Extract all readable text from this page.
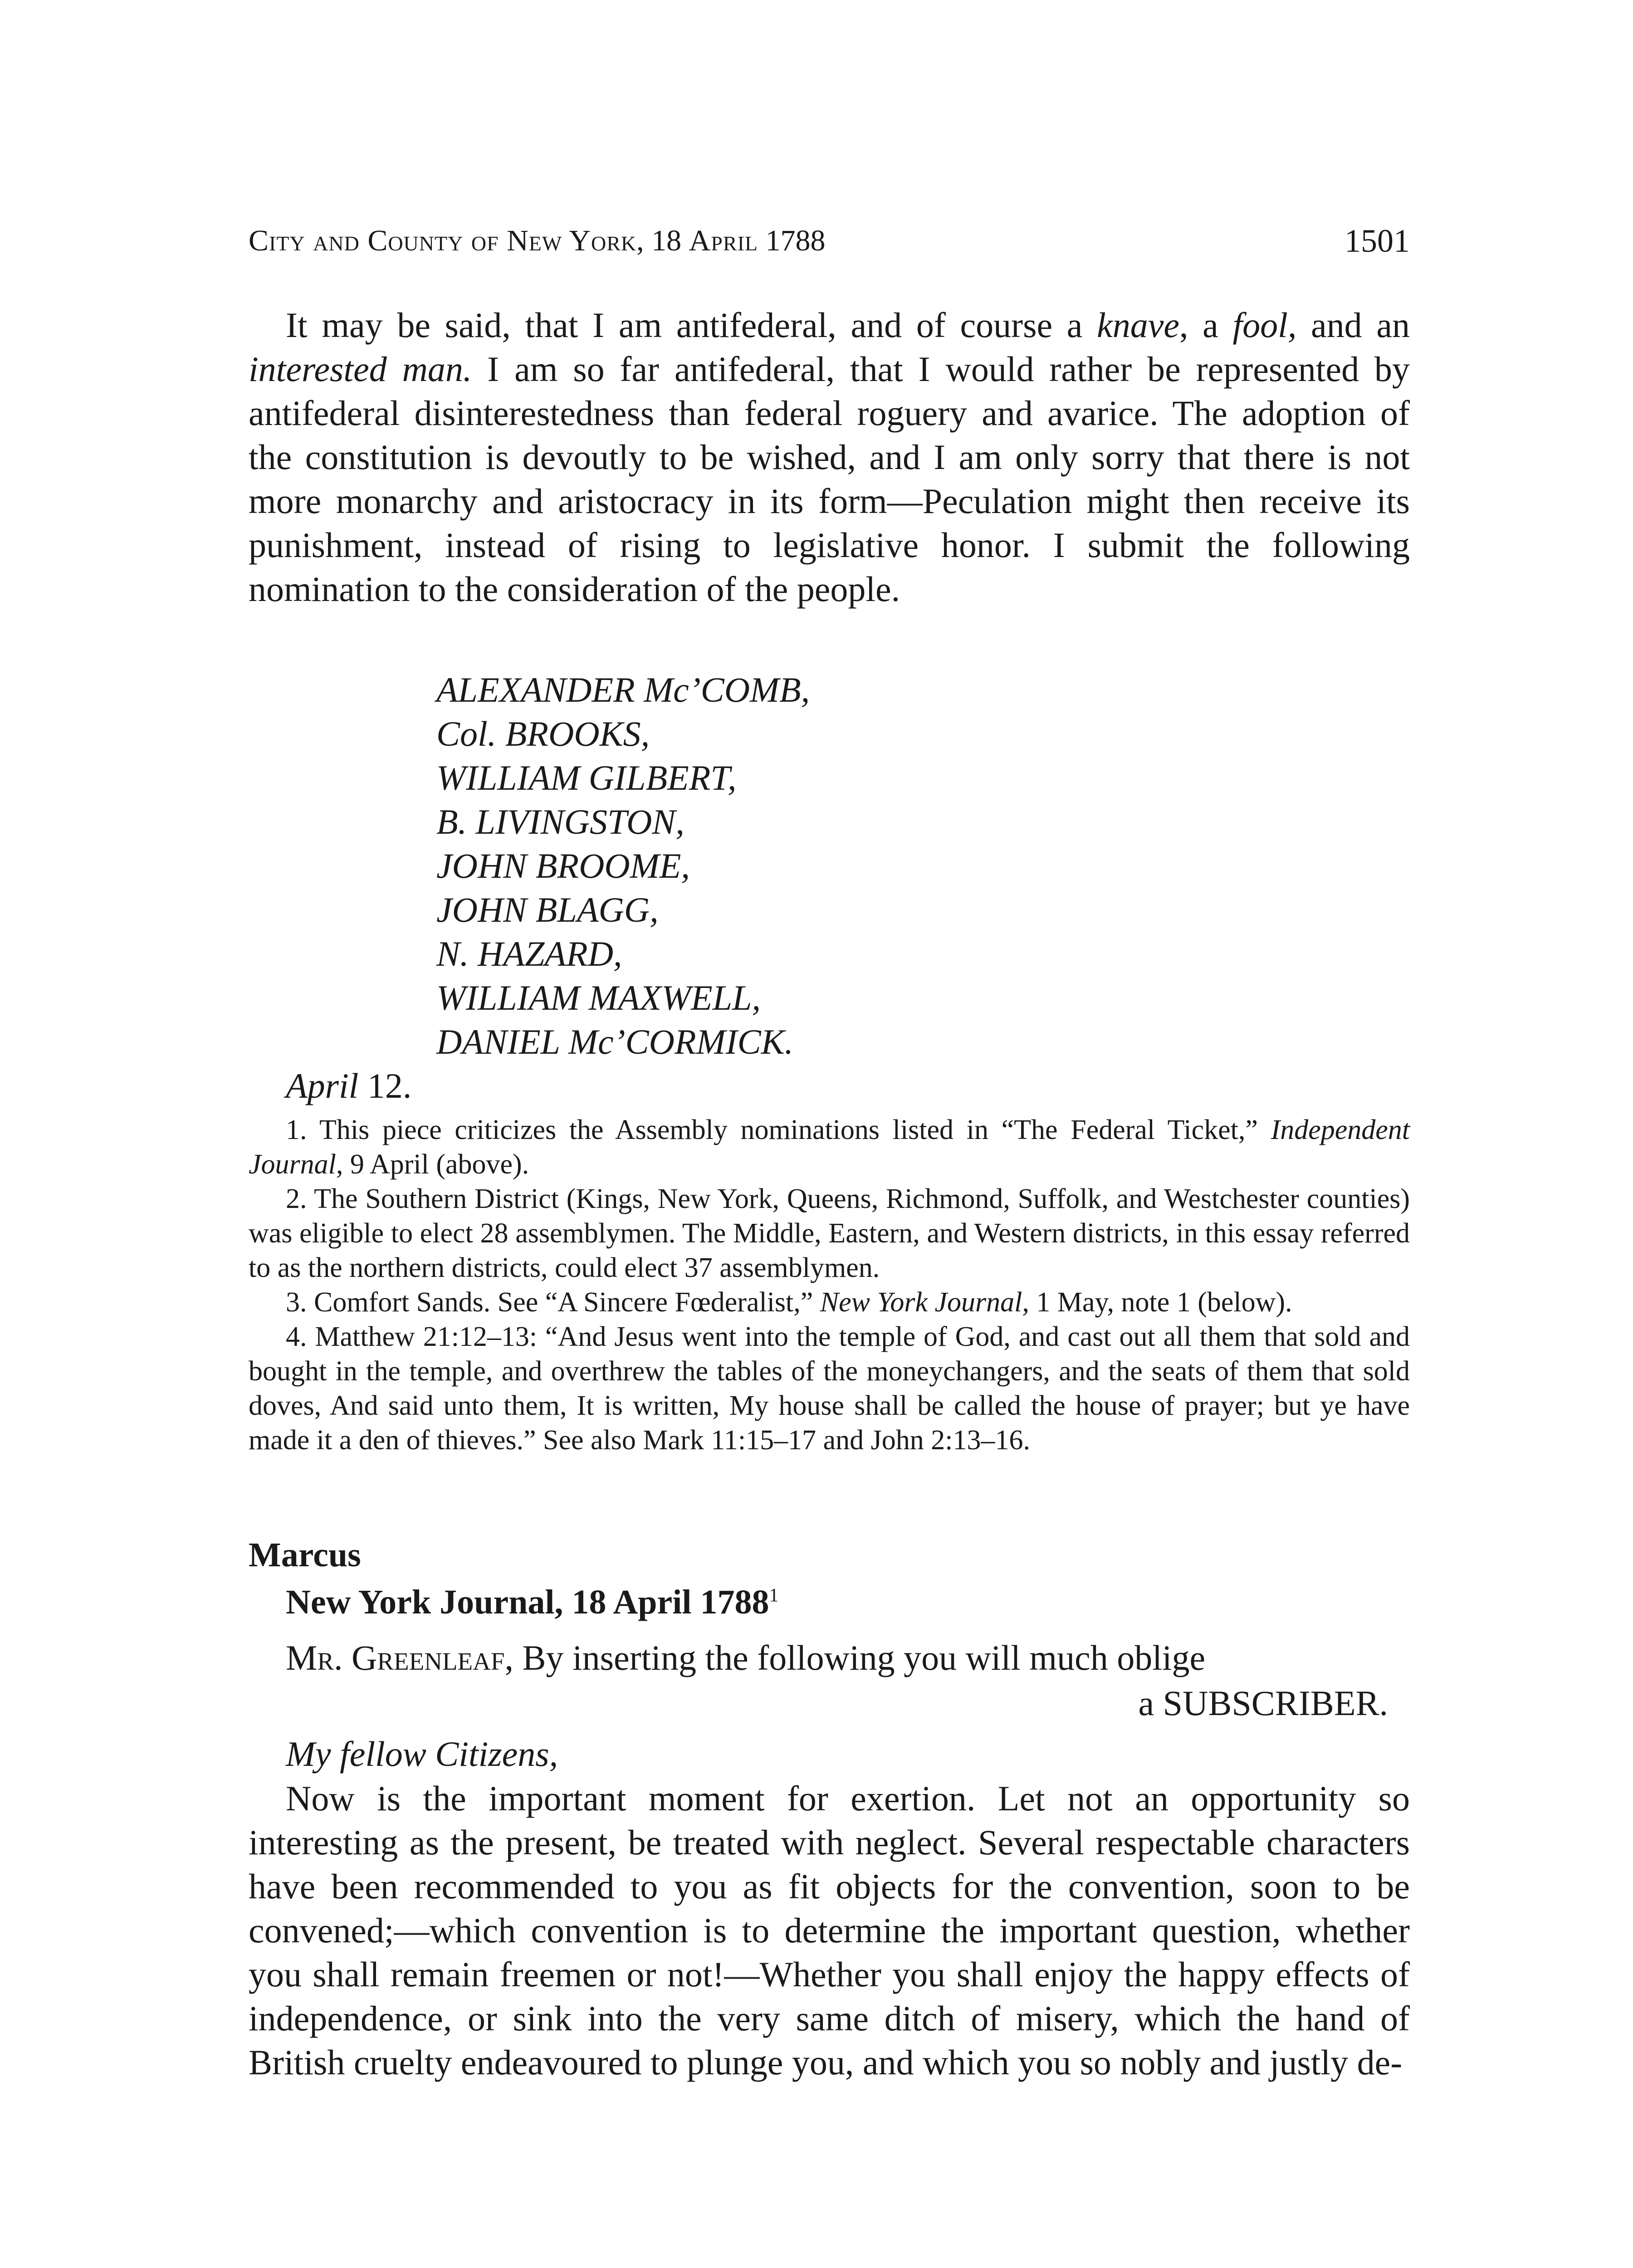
City and County of New York, 18 April 1788	1501

It may be said, that I am antifederal, and of course a knave, a fool, and an interested man. I am so far antifederal, that I would rather be represented by antifederal disinterestedness than federal roguery and avarice. The adoption of the constitution is devoutly to be wished, and I am only sorry that there is not more monarchy and aristocracy in its form—Peculation might then receive its punishment, instead of rising to legislative honor. I submit the following nomination to the consideration of the people.

ALEXANDER Mc’COMB,
Col. BROOKS,
WILLIAM GILBERT,
B. LIVINGSTON,
JOHN BROOME,
JOHN BLAGG,
N. HAZARD,
WILLIAM MAXWELL,
DANIEL Mc’CORMICK.
April 12.

1. This piece criticizes the Assembly nominations listed in “The Federal Ticket,” Independent Journal, 9 April (above).

2. The Southern District (Kings, New York, Queens, Richmond, Suffolk, and Westchester counties) was eligible to elect 28 assemblymen. The Middle, Eastern, and Western districts, in this essay referred to as the northern districts, could elect 37 assemblymen.

3. Comfort Sands. See “A Sincere Fœderalist,” New York Journal, 1 May, note 1 (below).

4. Matthew 21:12–13: “And Jesus went into the temple of God, and cast out all them that sold and bought in the temple, and overthrew the tables of the moneychangers, and the seats of them that sold doves, And said unto them, It is written, My house shall be called the house of prayer; but ye have made it a den of thieves.” See also Mark 11:15–17 and John 2:13–16.

Marcus
New York Journal, 18 April 1788$^1$
Mr. Greenleaf, By inserting the following you will much oblige
a SUBSCRIBER.
My fellow Citizens,

Now is the important moment for exertion. Let not an opportunity so interesting as the present, be treated with neglect. Several respectable characters have been recommended to you as fit objects for the convention, soon to be convened;—which convention is to determine the important question, whether you shall remain freemen or not!—Whether you shall enjoy the happy effects of independence, or sink into the very same ditch of misery, which the hand of British cruelty endeavoured to plunge you, and which you so nobly and justly de-
